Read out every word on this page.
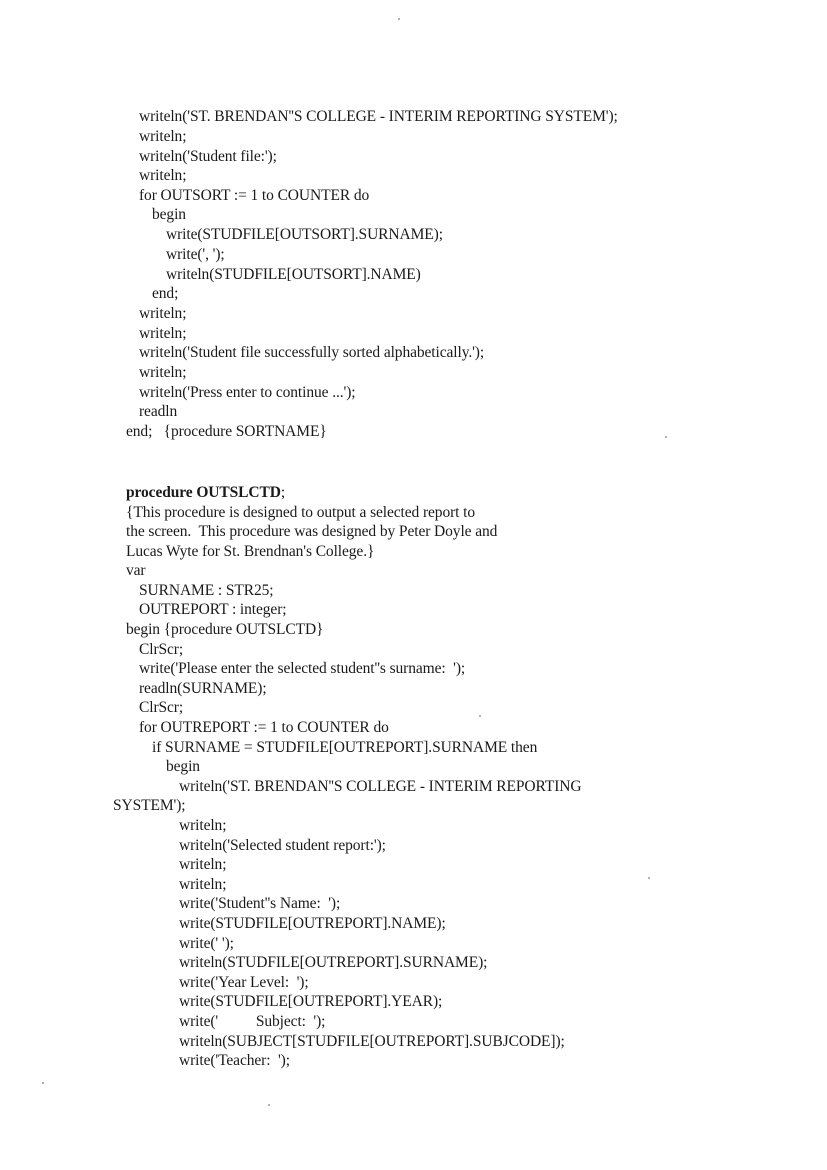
writeln('ST. BRENDAN''S COLLEGE - INTERIM REPORTING SYSTEM');
writeln;
writeln('Student file:');
writeln;
for OUTSORT := 1 to COUNTER do
begin
write(STUDFILE[OUTSORT].SURNAME);
write(', ');
writeln(STUDFILE[OUTSORT].NAME)
end;
writeln;
writeln;
writeln('Student file successfully sorted alphabetically.');
writeln;
writeln('Press enter to continue ...');
readln
end;   {procedure SORTNAME}
procedure OUTSLCTD;
{This procedure is designed to output a selected report to
the screen.  This procedure was designed by Peter Doyle and
Lucas Wyte for St. Brendnan's College.}
var
SURNAME : STR25;
OUTREPORT : integer;
begin {procedure OUTSLCTD}
ClrScr;
write('Please enter the selected student''s surname:  ');
readln(SURNAME);
ClrScr;
for OUTREPORT := 1 to COUNTER do
if SURNAME = STUDFILE[OUTREPORT].SURNAME then
begin
writeln('ST. BRENDAN''S COLLEGE - INTERIM REPORTING
SYSTEM');
writeln;
writeln('Selected student report:');
writeln;
writeln;
write('Student''s Name:  ');
write(STUDFILE[OUTREPORT].NAME);
write(' ');
writeln(STUDFILE[OUTREPORT].SURNAME);
write('Year Level:  ');
write(STUDFILE[OUTREPORT].YEAR);
write('          Subject:  ');
writeln(SUBJECT[STUDFILE[OUTREPORT].SUBJCODE]);
write('Teacher:  ');
